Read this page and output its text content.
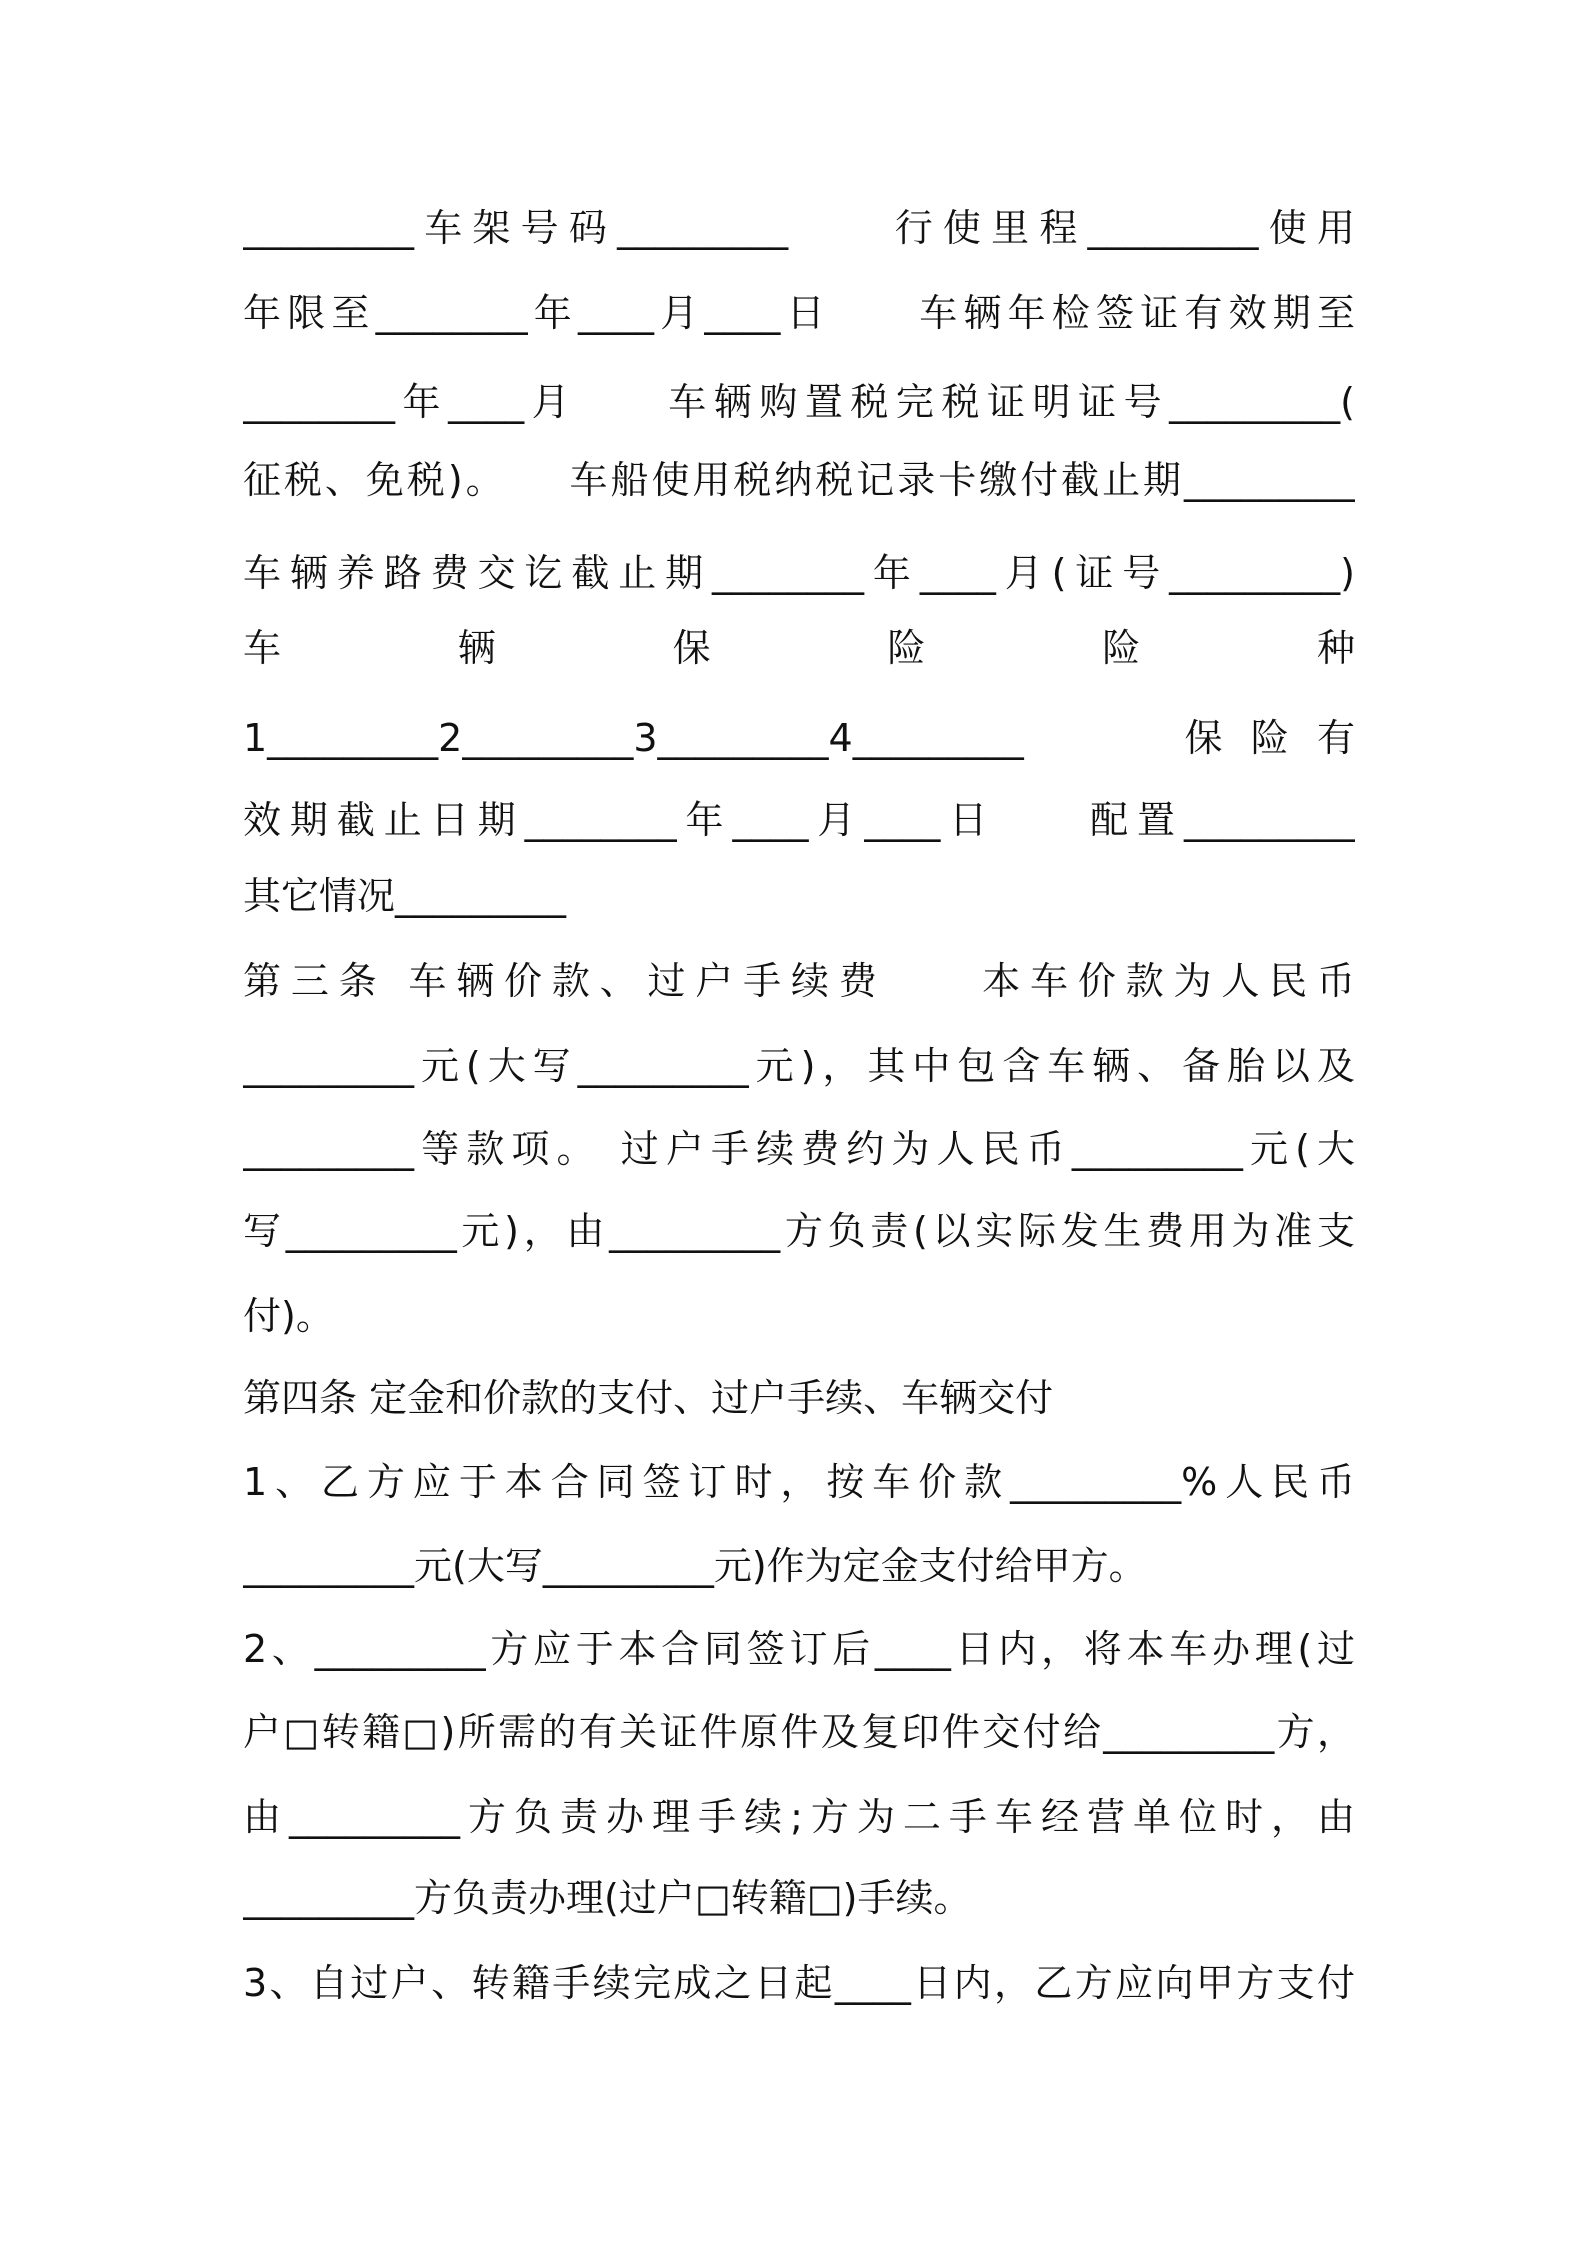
_________车架号码_________　　行使里程_________使用
年限至________年____月____日　　车辆年检签证有效期至
________年____月　　车辆购置税完税证明证号_________(
征税、免税)。　　车船使用税纳税记录卡缴付截止期_________
车辆养路费交讫截止期________年____月(证号_________)
车	辆	保	险	险	种
1_________2_________3_________4_________　　保险有
效期截止日期________年____月____日　　配置_________
其它情况_________
第三条 车辆价款、过户手续费　　本车价款为人民币
_________元(大写_________元)，其中包含车辆、备胎以及
_________等款项。 过户手续费约为人民币_________元(大
写_________元)，由_________方负责(以实际发生费用为准支
付)。
第四条 定金和价款的支付、过户手续、车辆交付
1、乙方应于本合同签订时，按车价款_________%人民币
_________元(大写_________元)作为定金支付给甲方。
2、_________方应于本合同签订后____日内，将本车办理(过
户□转籍□)所需的有关证件原件及复印件交付给_________方，
由_________方负责办理手续;方为二手车经营单位时，由
_________方负责办理(过户□转籍□)手续。
3、自过户、转籍手续完成之日起____日内，乙方应向甲方支付
